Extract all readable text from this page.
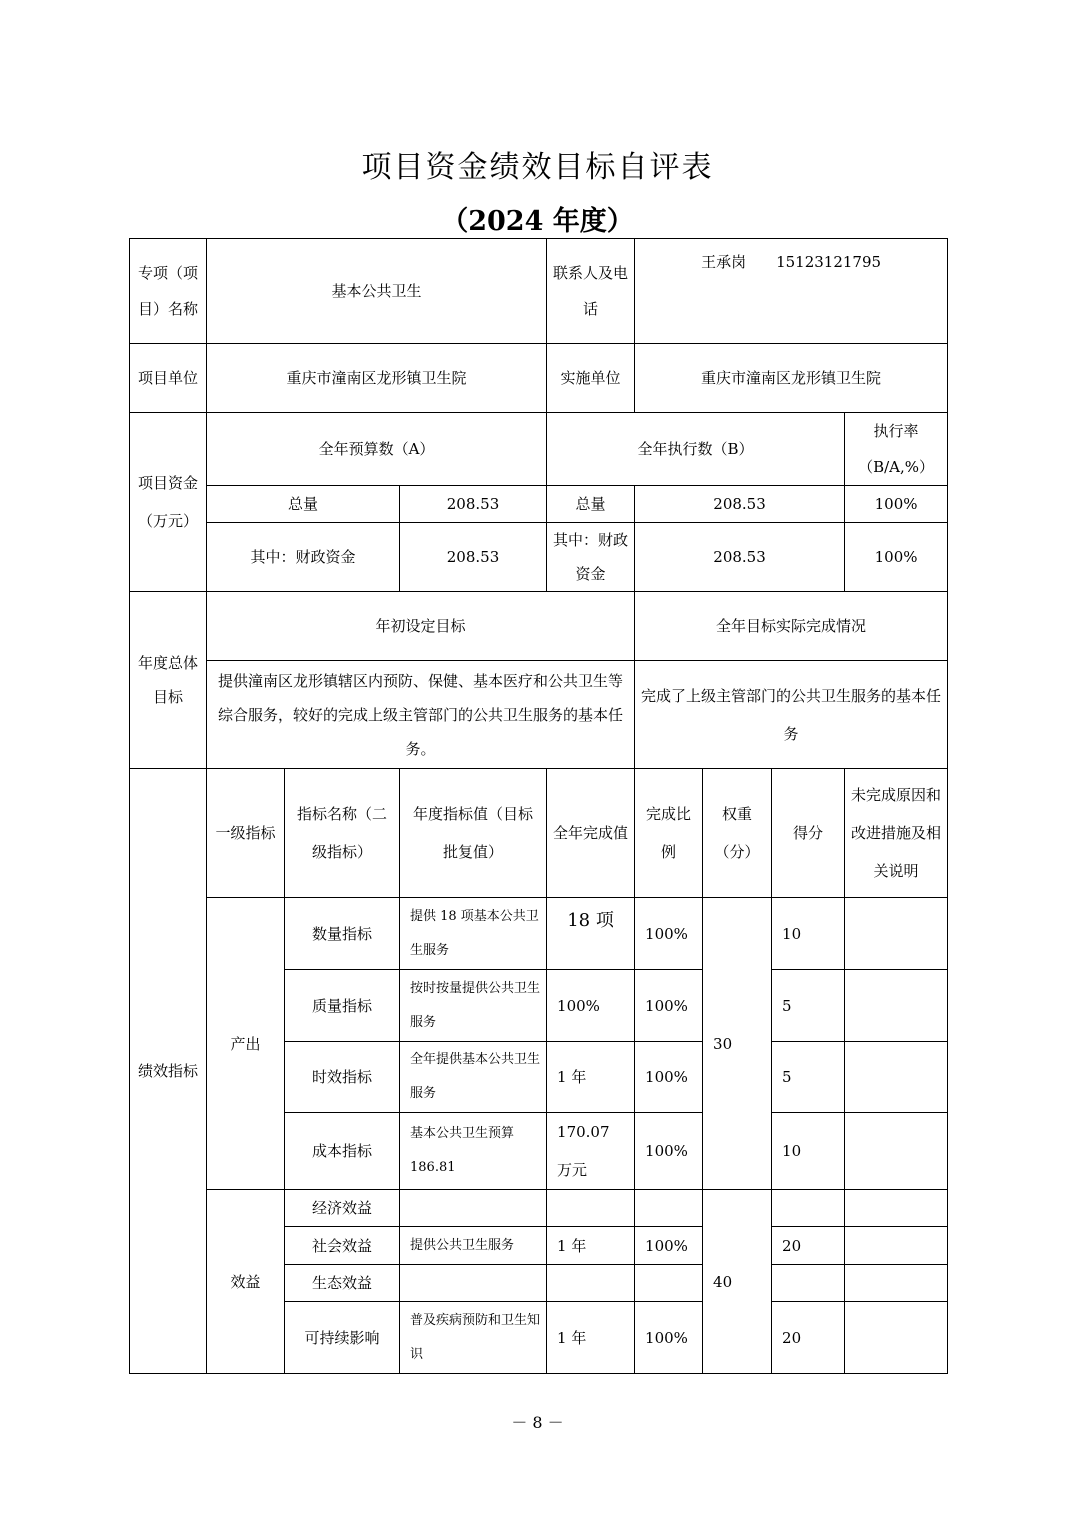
项目资金绩效目标自评表
（2024 年度）
专项（项目）名称	基本公共卫生			联系人及电话	王承岗　　15123121795			
项目单位	重庆市潼南区龙形镇卫生院			实施单位	重庆市潼南区龙形镇卫生院			
项目资金（万元）	全年预算数（A）			全年执行数（B）				执行率（B/A,%）
	总量		208.53	总量	208.53			100%
	其中：财政资金		208.53	其中：财政资金	208.53			100%
年度总体目标	年初设定目标				全年目标实际完成情况			
	提供潼南区龙形镇辖区内预防、保健、基本医疗和公共卫生等综合服务，较好的完成上级主管部门的公共卫生服务的基本任务。				完成了上级主管部门的公共卫生服务的基本任务			
绩效指标	一级指标	指标名称（二级指标）	年度指标值（目标批复值）	全年完成值	完成比例	权重（分）	得分	未完成原因和改进措施及相关说明
	产出	数量指标	提供 18 项基本公共卫生服务	18 项	100%	30	10	
		质量指标	按时按量提供公共卫生服务	100%	100%		5	
		时效指标	全年提供基本公共卫生服务	1 年	100%		5	
		成本指标	基本公共卫生预算 186.81	170.07 万元	100%		10	
	效益	经济效益				40		
		社会效益	提供公共卫生服务	1 年	100%		20	
		生态效益						
		可持续影响	普及疾病预防和卫生知识	1 年	100%		20	
－ 8 －
